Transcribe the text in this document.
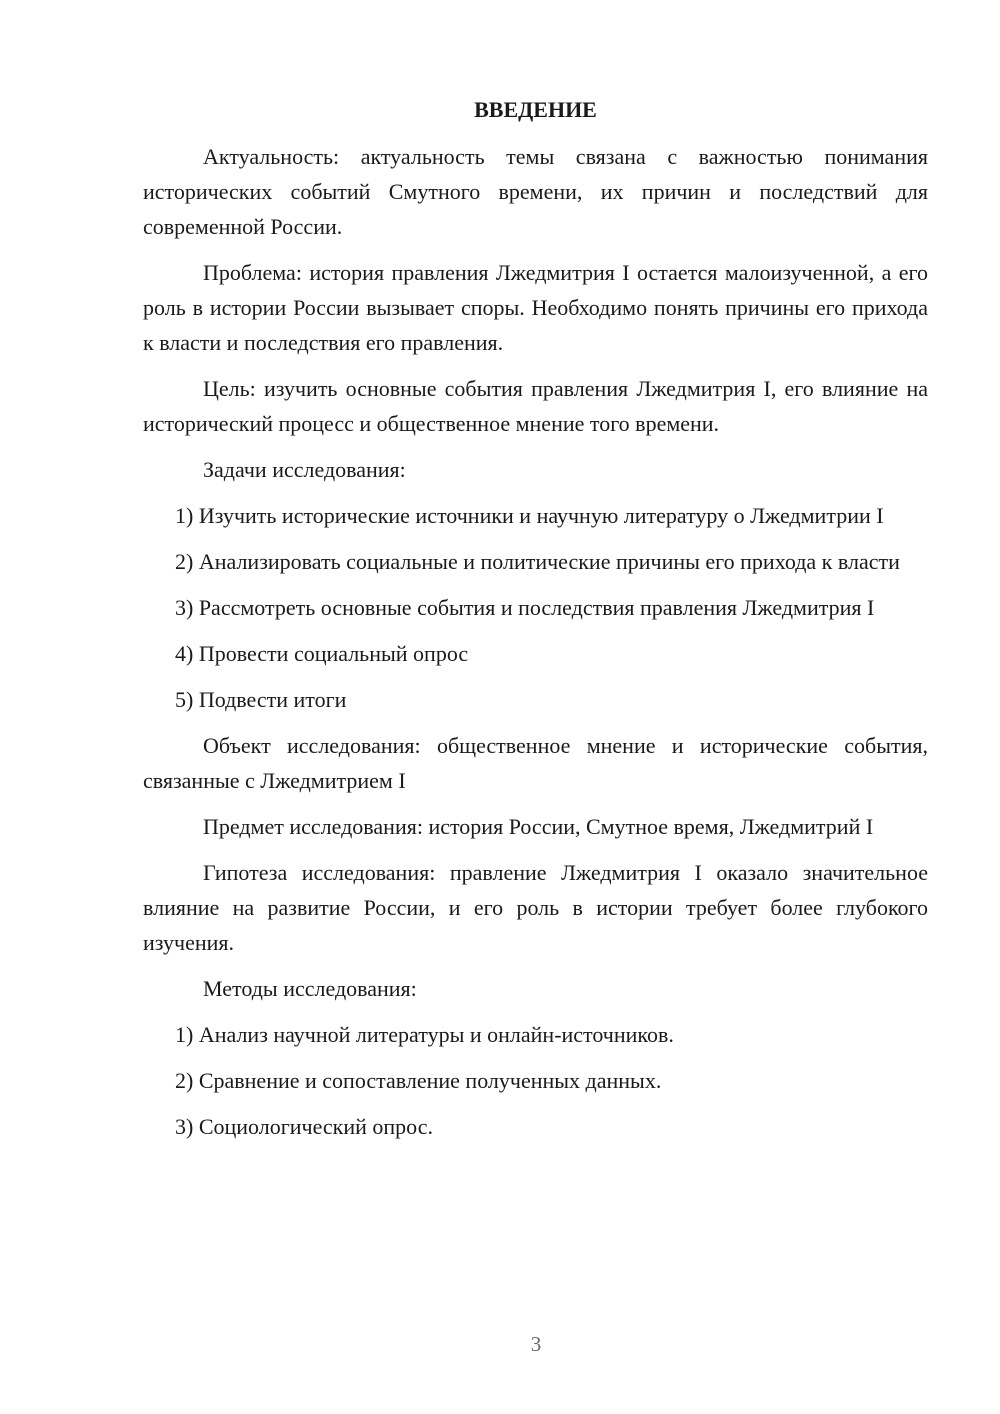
ВВЕДЕНИЕ

Актуальность: актуальность темы связана с важностью понимания исторических событий Смутного времени, их причин и последствий для современной России.

Проблема: история правления Лжедмитрия I остается малоизученной, а его роль в истории России вызывает споры. Необходимо понять причины его прихода к власти и последствия его правления.

Цель: изучить основные события правления Лжедмитрия I, его влияние на исторический процесс и общественное мнение того времени.

Задачи исследования:

1) Изучить исторические источники и научную литературу о Лжедмитрии I

2) Анализировать социальные и политические причины его прихода к власти

3) Рассмотреть основные события и последствия правления Лжедмитрия I

4) Провести социальный опрос

5) Подвести итоги

Объект исследования: общественное мнение и исторические события, связанные с Лжедмитрием I

Предмет исследования: история России, Смутное время, Лжедмитрий I

Гипотеза исследования: правление Лжедмитрия I оказало значительное влияние на развитие России, и его роль в истории требует более глубокого изучения.

Методы исследования:

1) Анализ научной литературы и онлайн-источников.

2) Сравнение и сопоставление полученных данных.

3) Социологический опрос.

3
